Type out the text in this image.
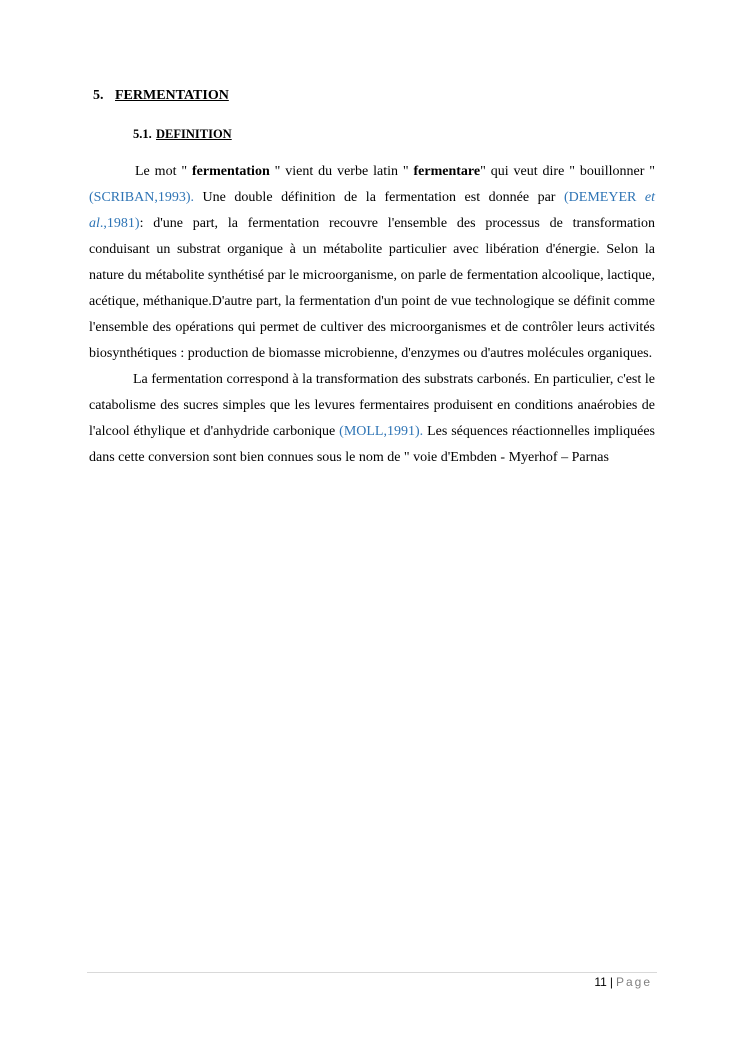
5. FERMENTATION
5.1. DEFINITION

Le mot " fermentation " vient du verbe latin " fermentare" qui veut dire " bouillonner " (SCRIBAN,1993). Une double définition de la fermentation est donnée par (DEMEYER et al.,1981): d'une part, la fermentation recouvre l'ensemble des processus de transformation conduisant un substrat organique à un métabolite particulier avec libération d'énergie. Selon la nature du métabolite synthétisé par le microorganisme, on parle de fermentation alcoolique, lactique, acétique, méthanique.D'autre part, la fermentation d'un point de vue technologique se définit comme l'ensemble des opérations qui permet de cultiver des microorganismes et de contrôler leurs activités biosynthétiques : production de biomasse microbienne, d'enzymes ou d'autres molécules organiques.

La fermentation correspond à la transformation des substrats carbonés. En particulier, c'est le catabolisme des sucres simples que les levures fermentaires produisent en conditions anaérobies de l'alcool éthylique et d'anhydride carbonique (MOLL,1991). Les séquences réactionnelles impliquées dans cette conversion sont bien connues sous le nom de " voie d'Embden - Myerhof – Parnas

11 | Page
